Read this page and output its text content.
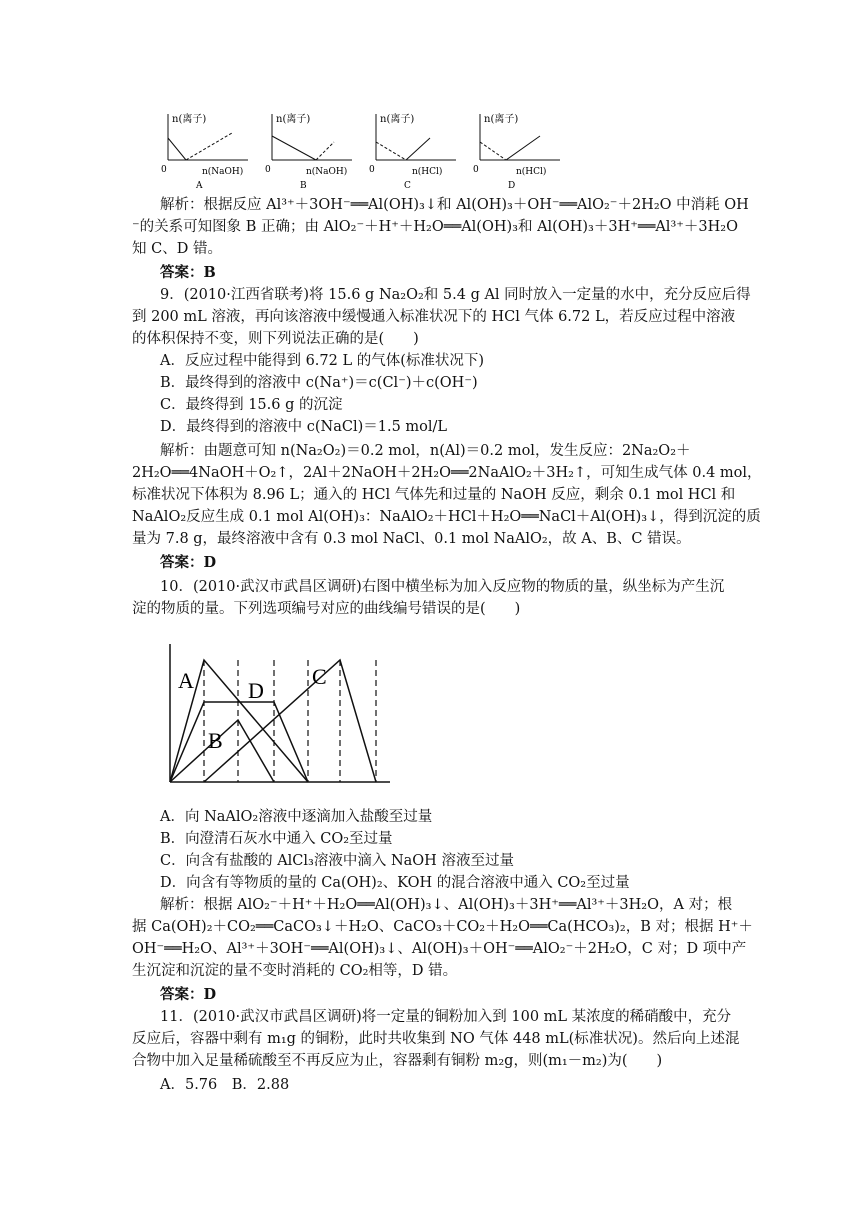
n(离子)
0	n(NaOH)
A
n(离子)
0	n(NaOH)
B
n(离子)
0	n(HCl)
C
n(离子)
0	n(HCl)
D
解析：根据反应 Al³⁺＋3OH⁻══Al(OH)₃↓和 Al(OH)₃＋OH⁻══AlO₂⁻＋2H₂O 中消耗 OH
⁻的关系可知图象 B 正确；由 AlO₂⁻＋H⁺＋H₂O══Al(OH)₃和 Al(OH)₃＋3H⁺══Al³⁺＋3H₂O
知 C、D 错。
答案：B
9．(2010·江西省联考)将 15.6 g Na₂O₂和 5.4 g Al 同时放入一定量的水中，充分反应后得
到 200 mL 溶液，再向该溶液中缓慢通入标准状况下的 HCl 气体 6.72 L，若反应过程中溶液
的体积保持不变，则下列说法正确的是(　　)
A．反应过程中能得到 6.72 L 的气体(标准状况下)
B．最终得到的溶液中 c(Na⁺)＝c(Cl⁻)＋c(OH⁻)
C．最终得到 15.6 g 的沉淀
D．最终得到的溶液中 c(NaCl)＝1.5 mol/L
解析：由题意可知 n(Na₂O₂)＝0.2 mol，n(Al)＝0.2 mol，发生反应：2Na₂O₂＋
2H₂O══4NaOH＋O₂↑，2Al＋2NaOH＋2H₂O══2NaAlO₂＋3H₂↑，可知生成气体 0.4 mol，
标准状况下体积为 8.96 L；通入的 HCl 气体先和过量的 NaOH 反应，剩余 0.1 mol HCl 和
NaAlO₂反应生成 0.1 mol Al(OH)₃：NaAlO₂＋HCl＋H₂O══NaCl＋Al(OH)₃↓，得到沉淀的质
量为 7.8 g，最终溶液中含有 0.3 mol NaCl、0.1 mol NaAlO₂，故 A、B、C 错误。
答案：D
10．(2010·武汉市武昌区调研)右图中横坐标为加入反应物的物质的量，纵坐标为产生沉
淀的物质的量。下列选项编号对应的曲线编号错误的是(　　)
A D
B
C
A．向 NaAlO₂溶液中逐滴加入盐酸至过量
B．向澄清石灰水中通入 CO₂至过量
C．向含有盐酸的 AlCl₃溶液中滴入 NaOH 溶液至过量
D．向含有等物质的量的 Ca(OH)₂、KOH 的混合溶液中通入 CO₂至过量
解析：根据 AlO₂⁻＋H⁺＋H₂O══Al(OH)₃↓、Al(OH)₃＋3H⁺══Al³⁺＋3H₂O，A 对；根
据 Ca(OH)₂＋CO₂══CaCO₃↓＋H₂O、CaCO₃＋CO₂＋H₂O══Ca(HCO₃)₂，B 对；根据 H⁺＋
OH⁻══H₂O、Al³⁺＋3OH⁻══Al(OH)₃↓、Al(OH)₃＋OH⁻══AlO₂⁻＋2H₂O，C 对；D 项中产
生沉淀和沉淀的量不变时消耗的 CO₂相等，D 错。
答案：D
11．(2010·武汉市武昌区调研)将一定量的铜粉加入到 100 mL 某浓度的稀硝酸中，充分
反应后，容器中剩有 m₁g 的铜粉，此时共收集到 NO 气体 448 mL(标准状况)。然后向上述混
合物中加入足量稀硫酸至不再反应为止，容器剩有铜粉 m₂g，则(m₁－m₂)为(　　)
A．5.76　B．2.88
